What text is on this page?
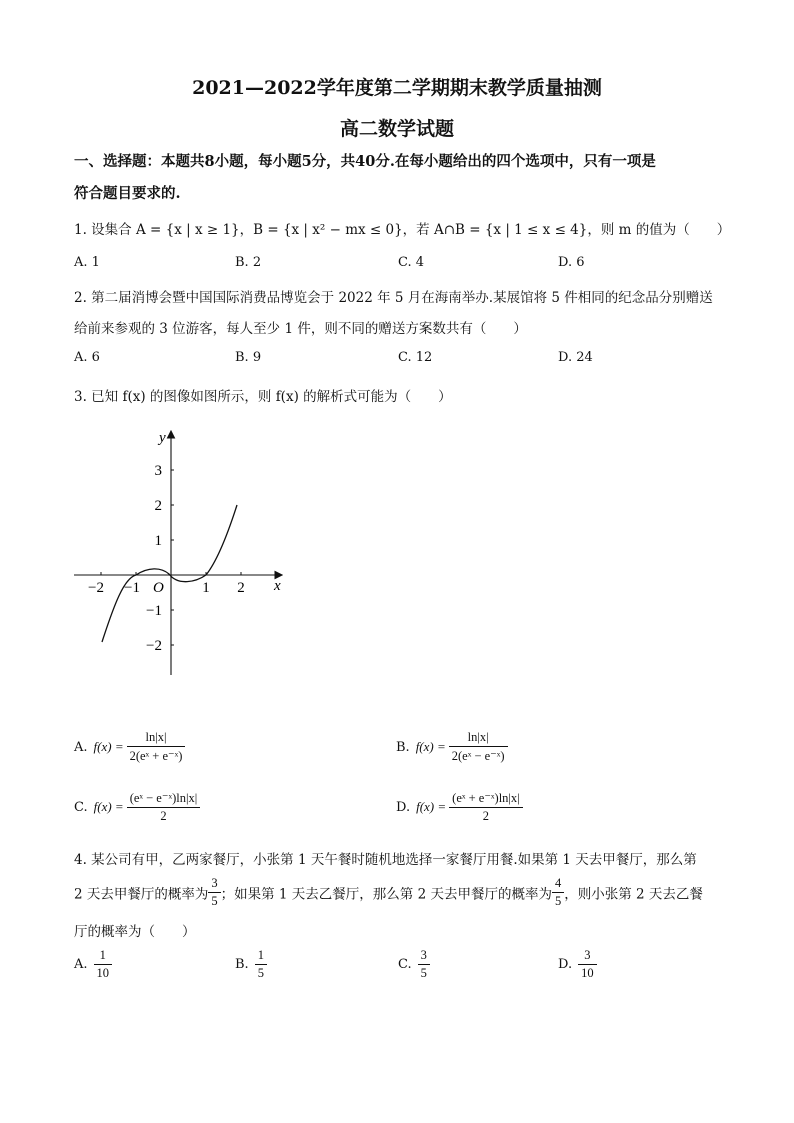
2021—2022学年度第二学期期末教学质量抽测
高二数学试题
一、选择题：本题共8小题，每小题5分，共40分.在每小题给出的四个选项中，只有一项是
符合题目要求的.
1. 设集合 A = {x | x ≥ 1}，B = {x | x² − mx ≤ 0}，若 A∩B = {x | 1 ≤ x ≤ 4}，则 m 的值为（　　）
A. 1	B. 2	C. 4	D. 6
2. 第二届消博会暨中国国际消费品博览会于 2022 年 5 月在海南举办.某展馆将 5 件相同的纪念品分别赠送
给前来参观的 3 位游客，每人至少 1 件，则不同的赠送方案数共有（　　）
A. 6	B. 9	C. 12	D. 24
3. 已知 f(x) 的图像如图所示，则 f(x) 的解析式可能为（　　）
−2 −1	1 2
3
2
1
−1
−2
y
x
O
A. $f(x) = \frac{\ln|x|}{\text{2(eˣ + e⁻ˣ)}}$	B. $f(x) = \frac{\ln|x|}{\text{2(eˣ − e⁻ˣ)}}$
C. $f(x) = \frac{\text{(eˣ − e⁻ˣ)ln|x|}}{2}$	D. $f(x) = \frac{\text{(eˣ + e⁻ˣ)ln|x|}}{2}$
4. 某公司有甲，乙两家餐厅，小张第 1 天午餐时随机地选择一家餐厅用餐.如果第 1 天去甲餐厅，那么第
2 天去甲餐厅的概率为 $\frac{3}{5}$ ；如果第 1 天去乙餐厅，那么第 2 天去甲餐厅的概率为 $\frac{4}{5}$ ，则小张第 2 天去乙餐
厅的概率为（　　）
A. $\frac{1}{10}$	B. $\frac{1}{5}$	C. $\frac{3}{5}$	D. $\frac{3}{10}$
